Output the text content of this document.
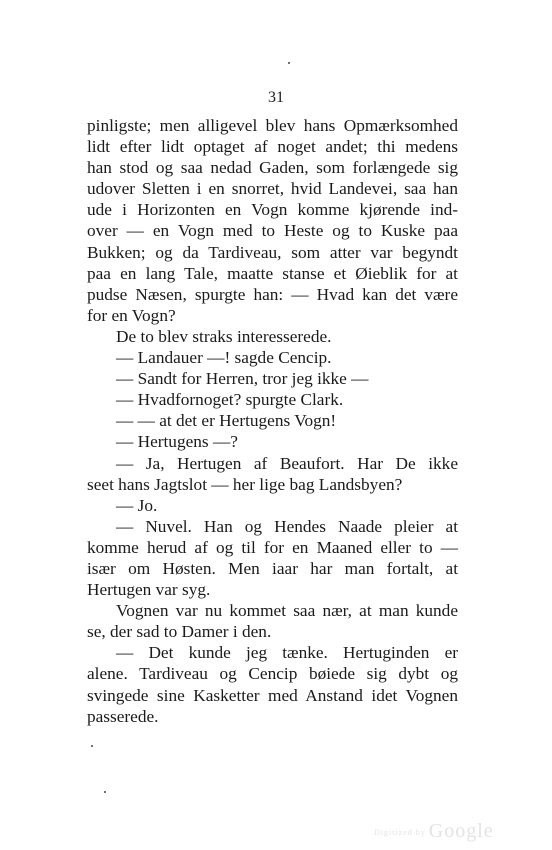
31

pinligste; men alligevel blev hans Opmærksomhed

lidt efter lidt optaget af noget andet; thi medens

han stod og saa nedad Gaden, som forlængede sig

udover Sletten i en snorret, hvid Landevei, saa han

ude i Horizonten en Vogn komme kjørende ind-

over — en Vogn med to Heste og to Kuske paa

Bukken; og da Tardiveau, som atter var begyndt

paa en lang Tale, maatte stanse et Øieblik for at

pudse Næsen, spurgte han: — Hvad kan det være

for en Vogn?

De to blev straks interesserede.

— Landauer —! sagde Cencip.

— Sandt for Herren, tror jeg ikke —

— Hvadfornoget? spurgte Clark.

— — at det er Hertugens Vogn!

— Hertugens —?

— Ja, Hertugen af Beaufort. Har De ikke

seet hans Jagtslot — her lige bag Landsbyen?

— Jo.

— Nuvel. Han og Hendes Naade pleier at

komme herud af og til for en Maaned eller to —

især om Høsten. Men iaar har man fortalt, at

Hertugen var syg.

Vognen var nu kommet saa nær, at man kunde

se, der sad to Damer i den.

— Det kunde jeg tænke. Hertuginden er

alene. Tardiveau og Cencip bøiede sig dybt og

svingede sine Kasketter med Anstand idet Vognen

passerede.

Digitized by Google
